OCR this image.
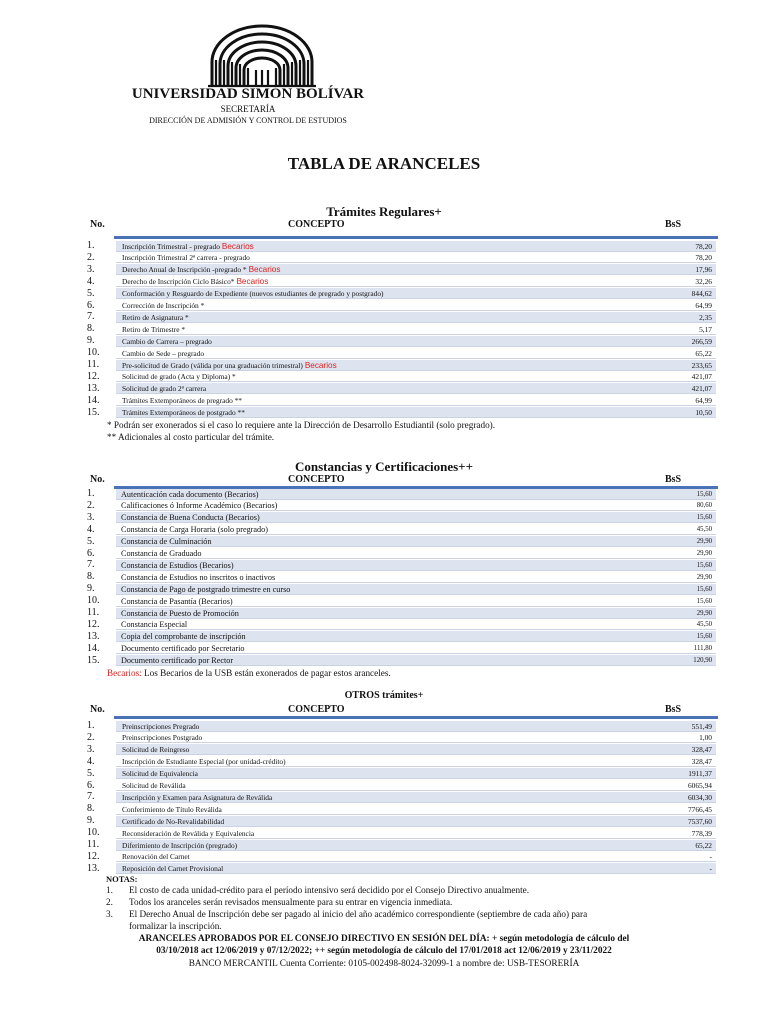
UNIVERSIDAD SIMÓN BOLÍVAR
SECRETARÍA
DIRECCIÓN DE ADMISIÓN Y CONTROL DE ESTUDIOS
TABLA DE ARANCELES
Trámites Regulares+
No.	CONCEPTO	BsS
1.	Inscripción Trimestral - pregrado Becarios	78,20
2.	Inscripción Trimestral 2ª carrera - pregrado	78,20
3.	Derecho Anual de Inscripción -pregrado * Becarios	17,96
4.	Derecho de Inscripción Ciclo Básico* Becarios	32,26
5.	Conformación y Resguardo de Expediente (nuevos estudiantes de pregrado y postgrado)	844,62
6.	Corrección de Inscripción *	64,99
7.	Retiro de Asignatura *	2,35
8.	Retiro de Trimestre *	5,17
9.	Cambio de Carrera – pregrado	266,59
10.	Cambio de Sede – pregrado	65,22
11.	Pre-solicitud de Grado (válida por una graduación trimestral) Becarios	233,65
12.	Solicitud de grado (Acta y Diploma) *	421,07
13.	Solicitud de grado 2ª carrera	421,07
14.	Trámites Extemporáneos de pregrado **	64,99
15.	Trámites Extemporáneos de postgrado **	10,50
* Podrán ser exonerados si el caso lo requiere ante la Dirección de Desarrollo Estudiantil (solo pregrado).
** Adicionales al costo particular del trámite.
Constancias y Certificaciones++
No.	CONCEPTO	BsS
1.	Autenticación cada documento (Becarios)	15,60
2.	Calificaciones ó Informe Académico (Becarios)	80,60
3.	Constancia de Buena Conducta (Becarios)	15,60
4.	Constancia de Carga Horaria (solo pregrado)	45,50
5.	Constancia de Culminación	29,90
6.	Constancia de Graduado	29,90
7.	Constancia de Estudios (Becarios)	15,60
8.	Constancia de Estudios no inscritos o inactivos	29,90
9.	Constancia de Pago de postgrado trimestre en curso	15,60
10.	Constancia de Pasantía (Becarios)	15,60
11.	Constancia de Puesto de Promoción	29,90
12.	Constancia Especial	45,50
13.	Copia del comprobante de inscripción	15,60
14.	Documento certificado por Secretario	111,80
15.	Documento certificado por Rector	120,90
Becarios: Los Becarios de la USB están exonerados de pagar estos aranceles.
OTROS trámites+
No.	CONCEPTO	BsS
1.	Preinscripciones Pregrado	551,49
2.	Preinscripciones Postgrado	1,00
3.	Solicitud de Reingreso	328,47
4.	Inscripción de Estudiante Especial (por unidad-crédito)	328,47
5.	Solicitud de Equivalencia	1911,37
6.	Solicitud de Reválida	6065,94
7.	Inscripción y Examen para Asignatura de Reválida	6034,30
8.	Conferimiento de Título Reválida	7766,45
9.	Certificado de No-Revalidabilidad	7537,60
10.	Reconsideración de Reválida y Equivalencia	778,39
11.	Diferimiento de Inscripción (pregrado)	65,22
12.	Renovación del Carnet	-
13.	Reposición del Carnet Provisional	-
NOTAS:
1. El costo de cada unidad-crédito para el período intensivo será decidido por el Consejo Directivo anualmente.
2. Todos los aranceles serán revisados mensualmente para su entrar en vigencia inmediata.
3. El Derecho Anual de Inscripción debe ser pagado al inicio del año académico correspondiente (septiembre de cada año) para
formalizar la inscripción.
ARANCELES APROBADOS POR EL CONSEJO DIRECTIVO EN SESIÓN DEL DÍA: + según metodología de cálculo del
03/10/2018 act 12/06/2019 y 07/12/2022; ++ según metodología de cálculo del 17/01/2018 act 12/06/2019 y 23/11/2022
BANCO MERCANTIL Cuenta Corriente: 0105-002498-8024-32099-1 a nombre de: USB-TESORERÍA
